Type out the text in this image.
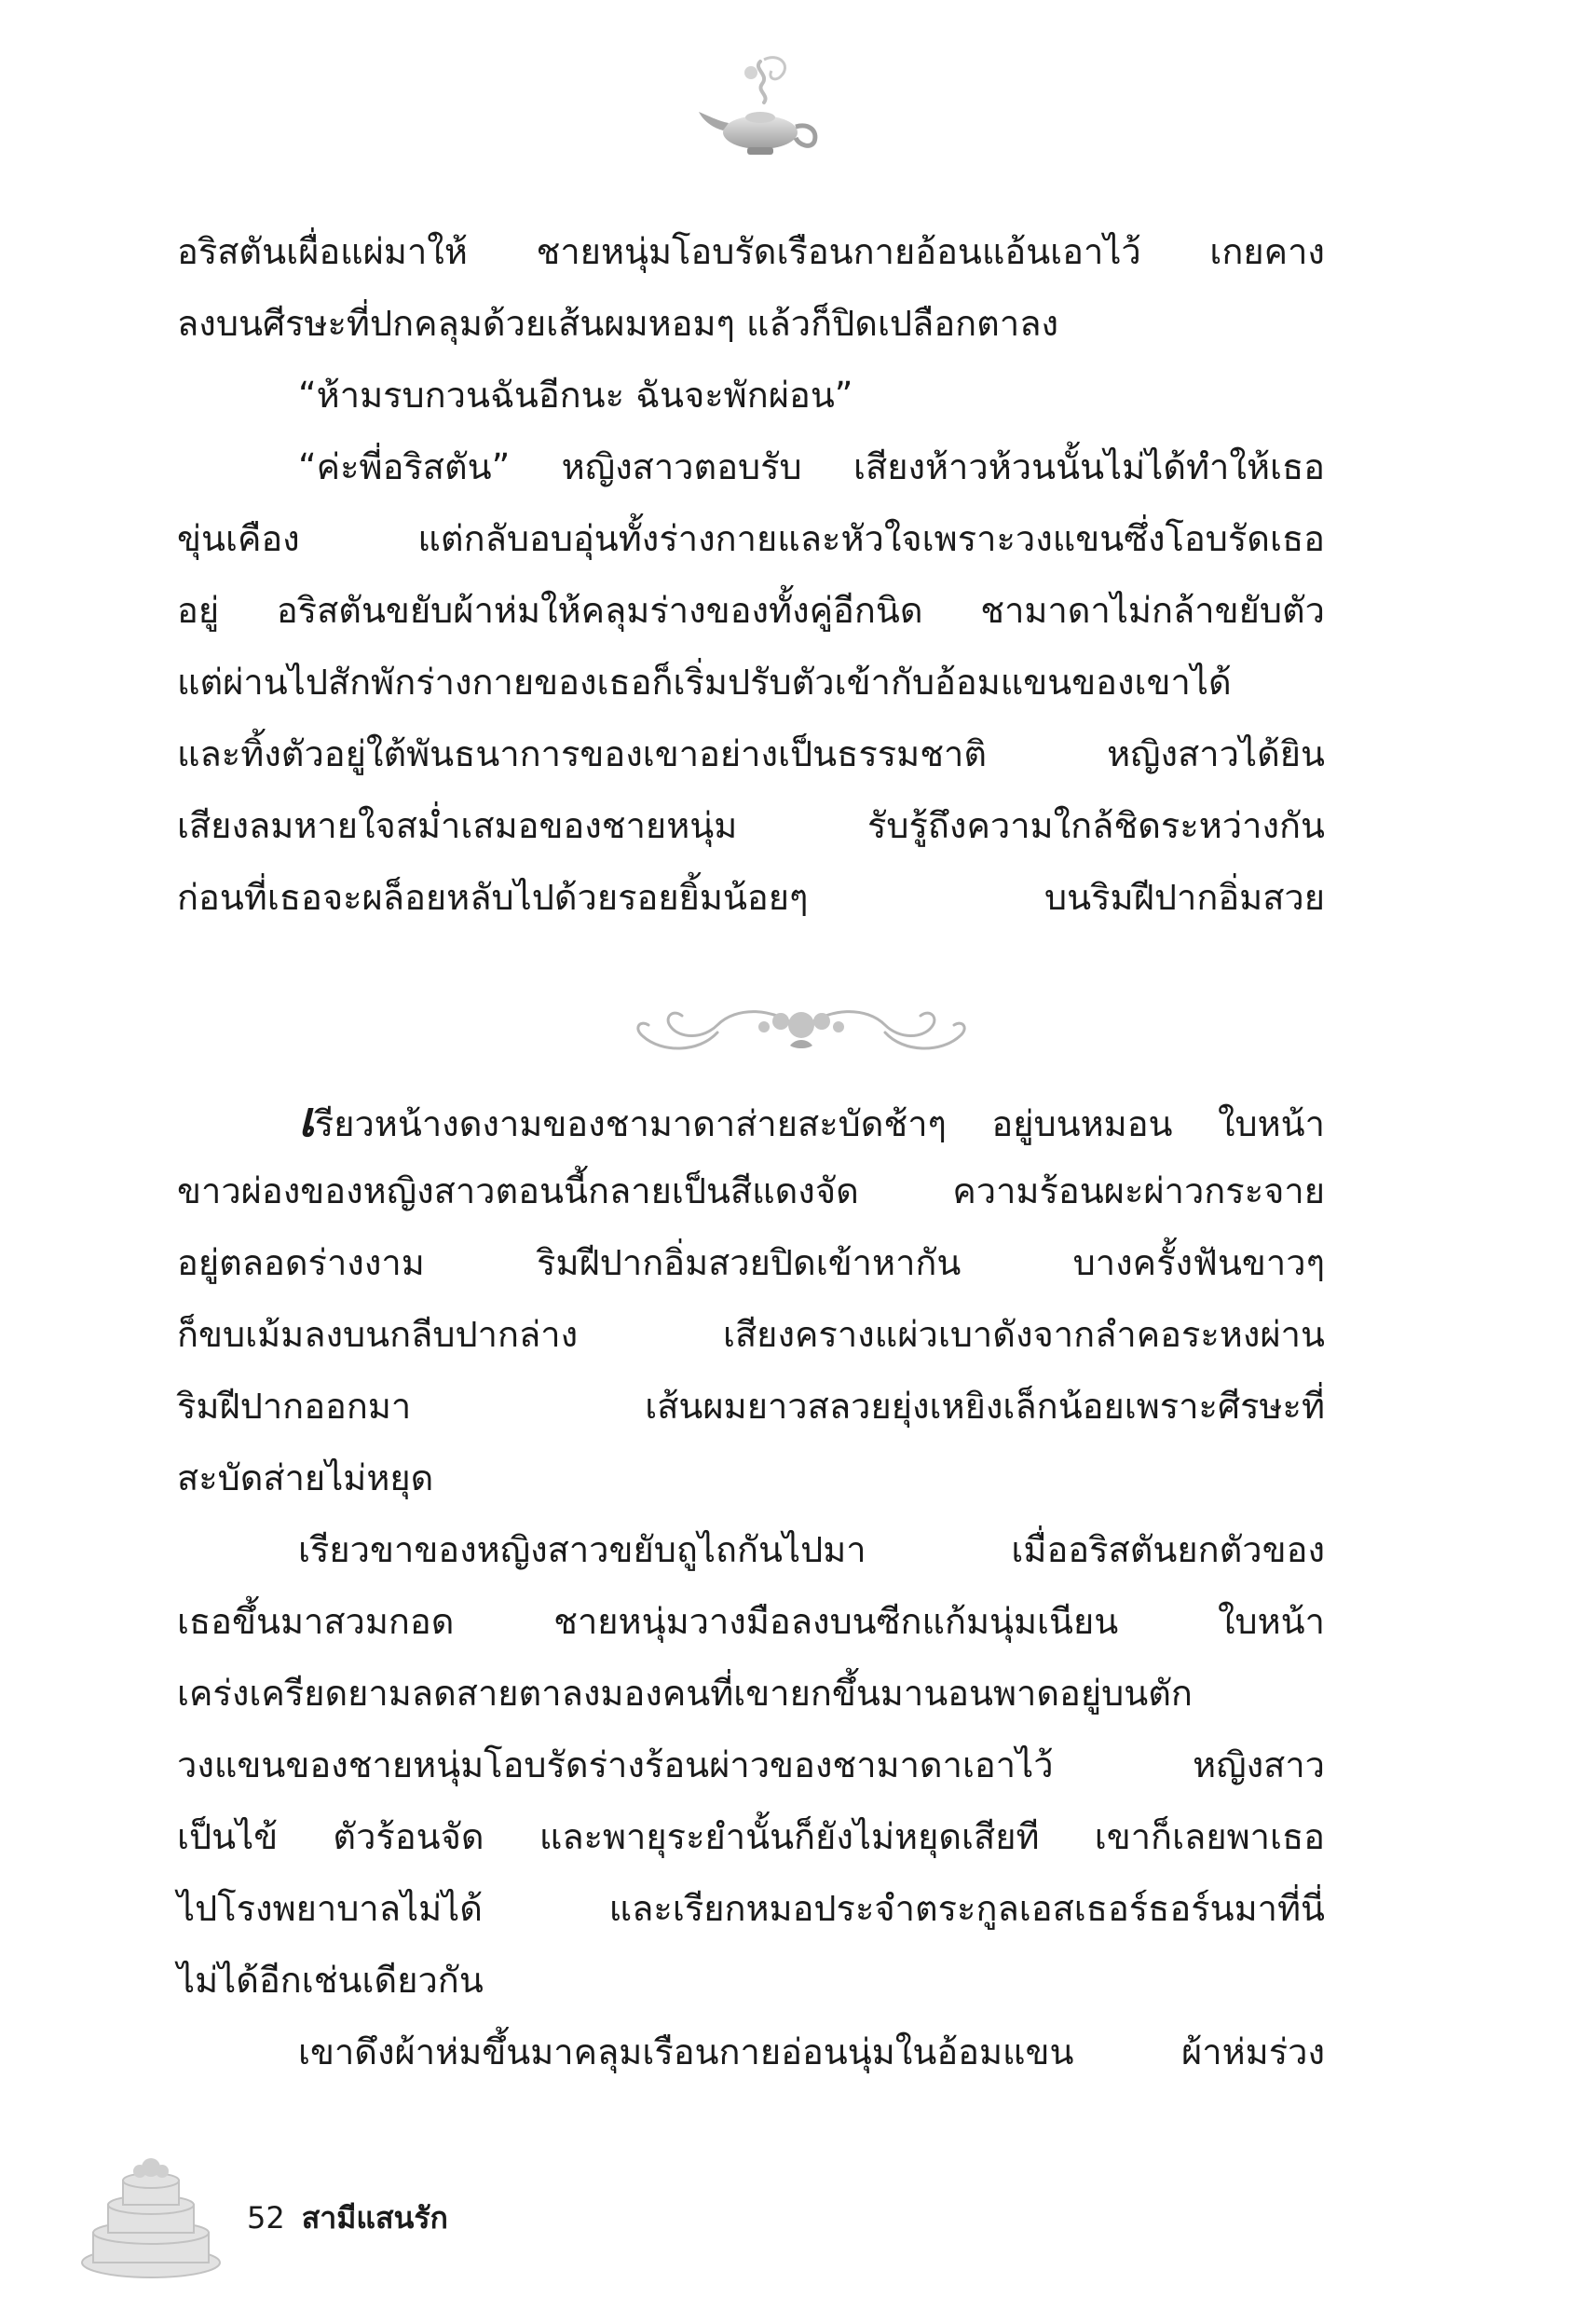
อริสตันเผื่อแผ่มาให้ ชายหนุ่มโอบรัดเรือนกายอ้อนแอ้นเอาไว้ เกยคาง
ลงบนศีรษะที่ปกคลุมด้วยเส้นผมหอมๆ แล้วก็ปิดเปลือกตาลง
“ห้ามรบกวนฉันอีกนะ ฉันจะพักผ่อน”
“ค่ะพี่อริสตัน” หญิงสาวตอบรับ เสียงห้าวห้วนนั้นไม่ได้ทำให้เธอ
ขุ่นเคือง แต่กลับอบอุ่นทั้งร่างกายและหัวใจเพราะวงแขนซึ่งโอบรัดเธอ
อยู่ อริสตันขยับผ้าห่มให้คลุมร่างของทั้งคู่อีกนิด ชามาดาไม่กล้าขยับตัว
แต่ผ่านไปสักพักร่างกายของเธอก็เริ่มปรับตัวเข้ากับอ้อมแขนของเขาได้
และทิ้งตัวอยู่ใต้พันธนาการของเขาอย่างเป็นธรรมชาติ หญิงสาวได้ยิน
เสียงลมหายใจสม่ำเสมอของชายหนุ่ม รับรู้ถึงความใกล้ชิดระหว่างกัน
ก่อนที่เธอจะผล็อยหลับไปด้วยรอยยิ้มน้อยๆ บนริมฝีปากอิ่มสวย
เรียวหน้างดงามของชามาดาส่ายสะบัดช้าๆ อยู่บนหมอน ใบหน้า
ขาวผ่องของหญิงสาวตอนนี้กลายเป็นสีแดงจัด ความร้อนผะผ่าวกระจาย
อยู่ตลอดร่างงาม ริมฝีปากอิ่มสวยปิดเข้าหากัน บางครั้งฟันขาวๆ
ก็ขบเม้มลงบนกลีบปากล่าง เสียงครางแผ่วเบาดังจากลำคอระหงผ่าน
ริมฝีปากออกมา เส้นผมยาวสลวยยุ่งเหยิงเล็กน้อยเพราะศีรษะที่
สะบัดส่ายไม่หยุด
เรียวขาของหญิงสาวขยับถูไถกันไปมา เมื่ออริสตันยกตัวของ
เธอขึ้นมาสวมกอด ชายหนุ่มวางมือลงบนซีกแก้มนุ่มเนียน ใบหน้า
เคร่งเครียดยามลดสายตาลงมองคนที่เขายกขึ้นมานอนพาดอยู่บนตัก
วงแขนของชายหนุ่มโอบรัดร่างร้อนผ่าวของชามาดาเอาไว้ หญิงสาว
เป็นไข้ ตัวร้อนจัด และพายุระยำนั้นก็ยังไม่หยุดเสียที เขาก็เลยพาเธอ
ไปโรงพยาบาลไม่ได้ และเรียกหมอประจำตระกูลเอสเธอร์ธอร์นมาที่นี่
ไม่ได้อีกเช่นเดียวกัน
เขาดึงผ้าห่มขึ้นมาคลุมเรือนกายอ่อนนุ่มในอ้อมแขน ผ้าห่มร่วง
52 สามีแสนรัก
